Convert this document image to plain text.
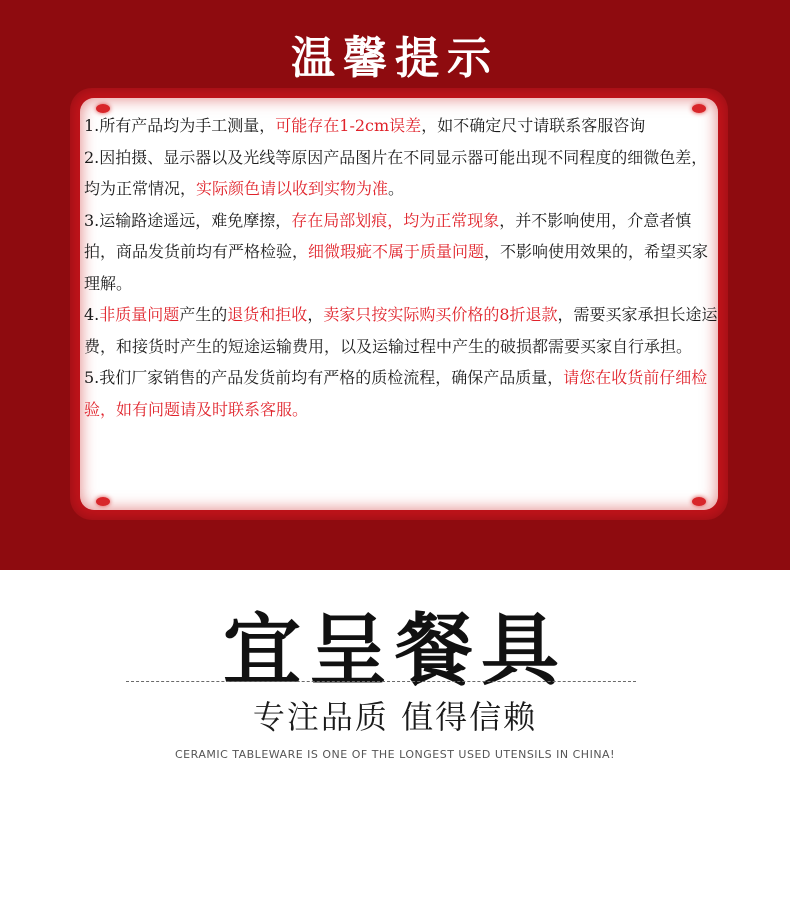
温馨提示
1.所有产品均为手工测量，可能存在1-2cm误差，如不确定尺寸请联系客服咨询
2.因拍摄、显示器以及光线等原因产品图片在不同显示器可能出现不同程度的细微色差，均为正常情况，实际颜色请以收到实物为准。
3.运输路途遥远，难免摩擦，存在局部划痕，均为正常现象，并不影响使用，介意者慎拍，商品发货前均有严格检验，细微瑕疵不属于质量问题，不影响使用效果的，希望买家理解。
4.非质量问题产生的退货和拒收，卖家只按实际购买价格的8折退款，需要买家承担长途运费，和接货时产生的短途运输费用，以及运输过程中产生的破损都需要买家自行承担。
5.我们厂家销售的产品发货前均有严格的质检流程，确保产品质量，请您在收货前仔细检验，如有问题请及时联系客服。
宜呈餐具
专注品质 值得信赖
CERAMIC TABLEWARE IS ONE OF THE LONGEST USED UTENSILS IN CHINA!
